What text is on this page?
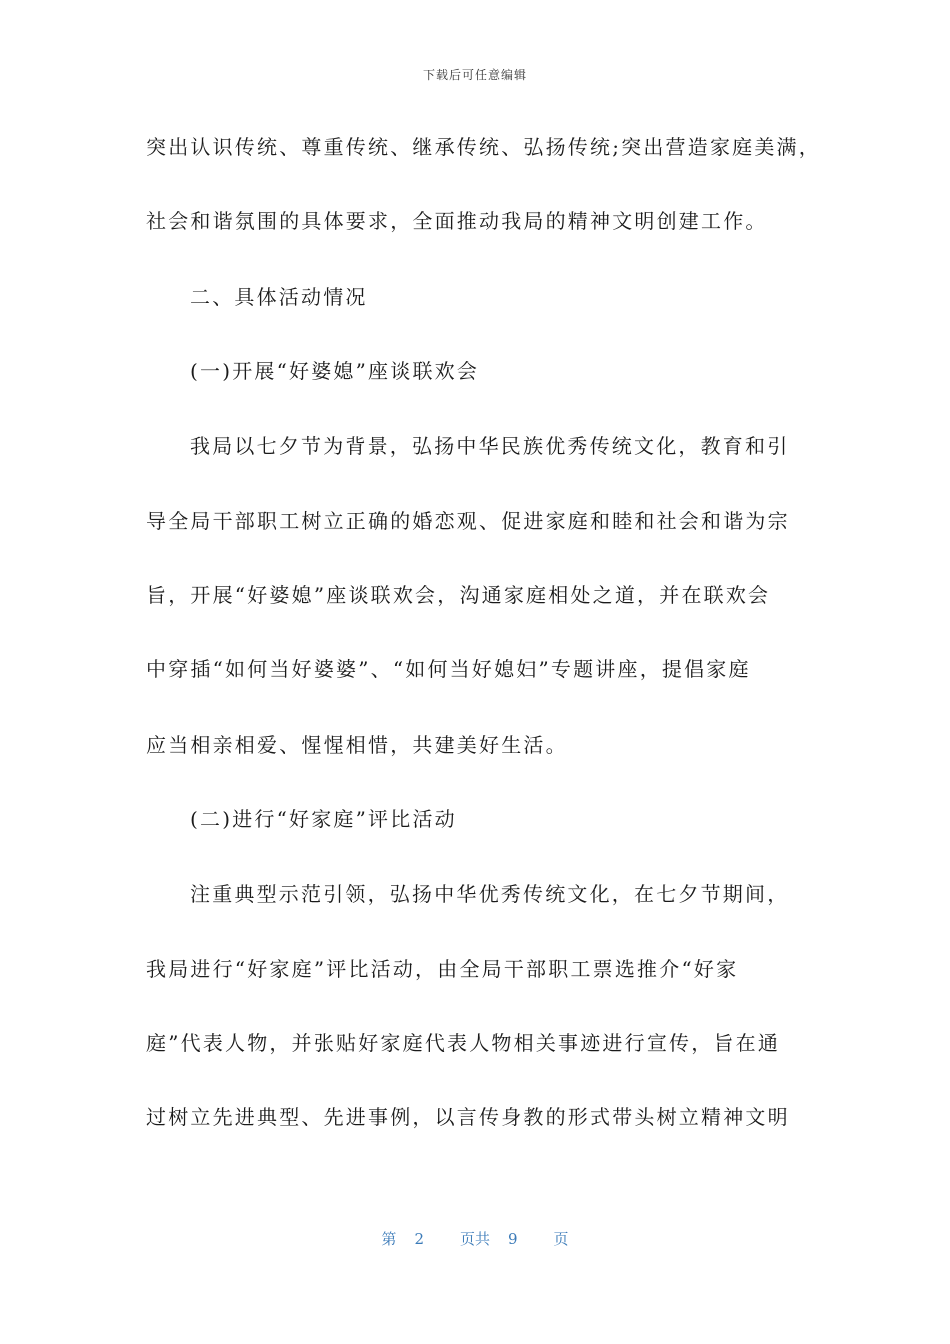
下载后可任意编辑
突出认识传统、尊重传统、继承传统、弘扬传统;突出营造家庭美满，
社会和谐氛围的具体要求，全面推动我局的精神文明创建工作。
二、具体活动情况
(一)开展“好婆媳”座谈联欢会
我局以七夕节为背景，弘扬中华民族优秀传统文化，教育和引
导全局干部职工树立正确的婚恋观、促进家庭和睦和社会和谐为宗
旨，开展“好婆媳”座谈联欢会，沟通家庭相处之道，并在联欢会
中穿插“如何当好婆婆”、“如何当好媳妇”专题讲座，提倡家庭
应当相亲相爱、惺惺相惜，共建美好生活。
(二)进行“好家庭”评比活动
注重典型示范引领，弘扬中华优秀传统文化，在七夕节期间，
我局进行“好家庭”评比活动，由全局干部职工票选推介“好家
庭”代表人物，并张贴好家庭代表人物相关事迹进行宣传，旨在通
过树立先进典型、先进事例，以言传身教的形式带头树立精神文明
第 2 页共 9 页
